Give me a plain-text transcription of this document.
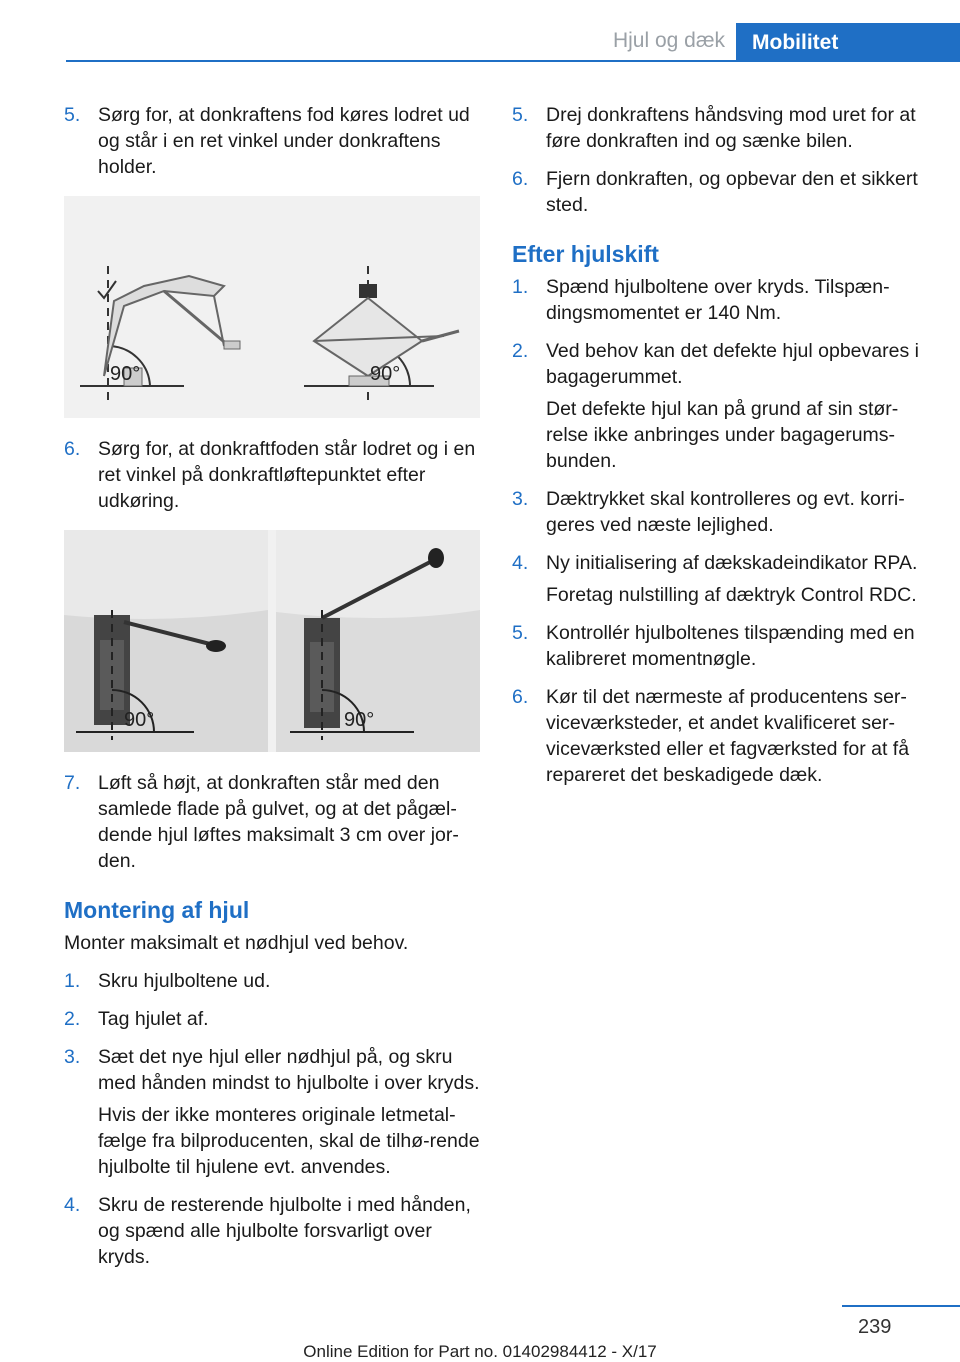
Hjul og dæk	Mobilitet
5. Sørg for, at donkraftens fod køres lodret ud og står i en ret vinkel under donkraftens holder.
90°	90°
6. Sørg for, at donkraftfoden står lodret og i en ret vinkel på donkraftløftepunktet efter udkøring.
90°	90°
7. Løft så højt, at donkraften står med den samlede flade på gulvet, og at det pågæl‐dende hjul løftes maksimalt 3 cm over jor‐den.
Montering af hjul
Monter maksimalt et nødhjul ved behov.
1. Skru hjulboltene ud.
2. Tag hjulet af.
3. Sæt det nye hjul eller nødhjul på, og skru med hånden mindst to hjulbolte i over kryds.
Hvis der ikke monteres originale letmetal‐fælge fra bilproducenten, skal de tilhø‐rende hjulbolte til hjulene evt. anvendes.
4. Skru de resterende hjulbolte i med hånden, og spænd alle hjulbolte forsvarligt over kryds.
5. Drej donkraftens håndsving mod uret for at føre donkraften ind og sænke bilen.
6. Fjern donkraften, og opbevar den et sikkert sted.
Efter hjulskift
1. Spænd hjulboltene over kryds. Tilspæn‐dingsmomentet er 140 Nm.
2. Ved behov kan det defekte hjul opbevares i bagagerummet.
Det defekte hjul kan på grund af sin stør‐relse ikke anbringes under bagagerums‐bunden.
3. Dæktrykket skal kontrolleres og evt. korri‐geres ved næste lejlighed.
4. Ny initialisering af dækskadeindikator RPA.
Foretag nulstilling af dæktryk Control RDC.
5. Kontrollér hjulboltenes tilspænding med en kalibreret momentnøgle.
6. Kør til det nærmeste af producentens ser‐viceværksteder, et andet kvalificeret ser‐viceværksted eller et fagværksted for at få repareret det beskadigede dæk.
239
Online Edition for Part no. 01402984412 - X/17
